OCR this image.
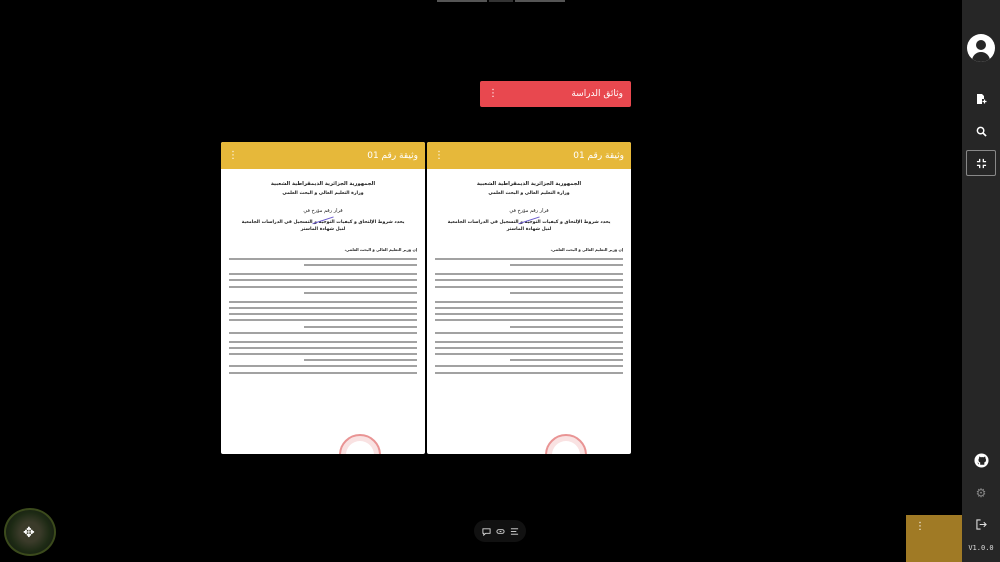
⋮	وثائق الدراسة
⋮	وثيقة رقم 01
الجمهورية الجزائرية الديمقراطية الشعبية
وزارة التعليم العالي و البحث العلمي
قرار رقم مؤرخ في
يحدد شروط الإلتحاق و كيفيات التوجيه و التسجيل في الدراسات الجامعية
لنيل شهادة الماستر
إن وزير التعليم العالي و البحث العلمي،
⋮	وثيقة رقم 01
الجمهورية الجزائرية الديمقراطية الشعبية
وزارة التعليم العالي و البحث العلمي
قرار رقم مؤرخ في
يحدد شروط الإلتحاق و كيفيات التوجيه و التسجيل في الدراسات الجامعية
لنيل شهادة الماستر
إن وزير التعليم العالي و البحث العلمي،
✥	⋮
⚙
V1.0.0
